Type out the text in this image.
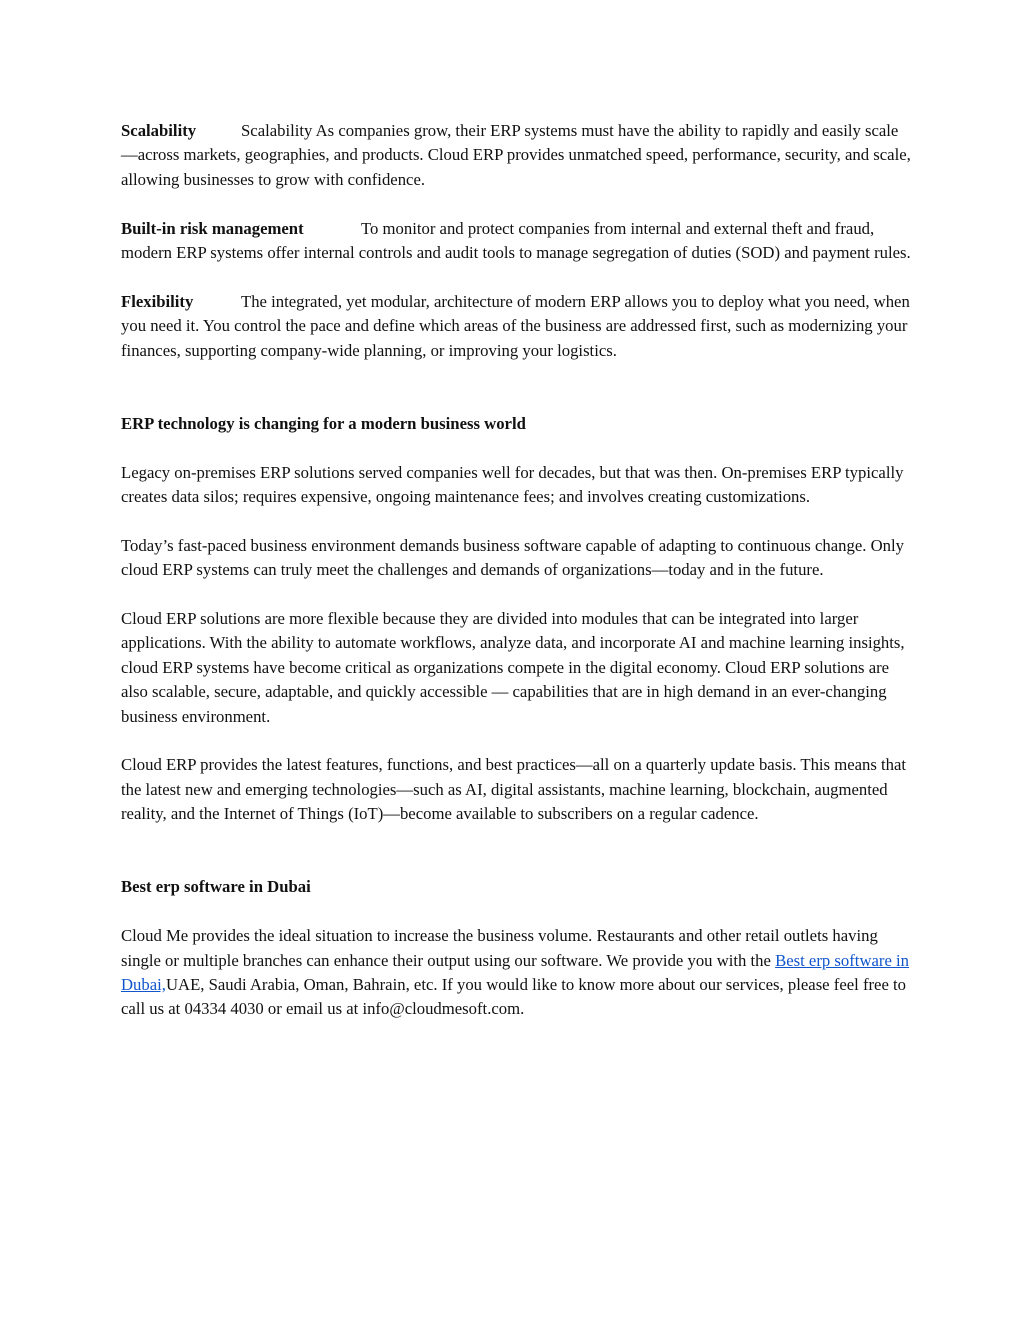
Scalability	Scalability As companies grow, their ERP systems must have the ability to rapidly and easily scale—across markets, geographies, and products. Cloud ERP provides unmatched speed, performance, security, and scale, allowing businesses to grow with confidence.

Built-in risk management	To monitor and protect companies from internal and external theft and fraud, modern ERP systems offer internal controls and audit tools to manage segregation of duties (SOD) and payment rules.

Flexibility	The integrated, yet modular, architecture of modern ERP allows you to deploy what you need, when you need it. You control the pace and define which areas of the business are addressed first, such as modernizing your finances, supporting company-wide planning, or improving your logistics.

ERP technology is changing for a modern business world

Legacy on-premises ERP solutions served companies well for decades, but that was then. On-premises ERP typically creates data silos; requires expensive, ongoing maintenance fees; and involves creating customizations.

Today’s fast-paced business environment demands business software capable of adapting to continuous change. Only cloud ERP systems can truly meet the challenges and demands of organizations—today and in the future.

Cloud ERP solutions are more flexible because they are divided into modules that can be integrated into larger applications. With the ability to automate workflows, analyze data, and incorporate AI and machine learning insights, cloud ERP systems have become critical as organizations compete in the digital economy. Cloud ERP solutions are also scalable, secure, adaptable, and quickly accessible — capabilities that are in high demand in an ever-changing business environment.

Cloud ERP provides the latest features, functions, and best practices—all on a quarterly update basis. This means that the latest new and emerging technologies—such as AI, digital assistants, machine learning, blockchain, augmented reality, and the Internet of Things (IoT)—become available to subscribers on a regular cadence.

Best erp software in Dubai

Cloud Me provides the ideal situation to increase the business volume. Restaurants and other retail outlets having single or multiple branches can enhance their output using our software. We provide you with the Best erp software in Dubai,UAE, Saudi Arabia, Oman, Bahrain, etc. If you would like to know more about our services, please feel free to call us at 04334 4030 or email us at info@cloudmesoft.com.
